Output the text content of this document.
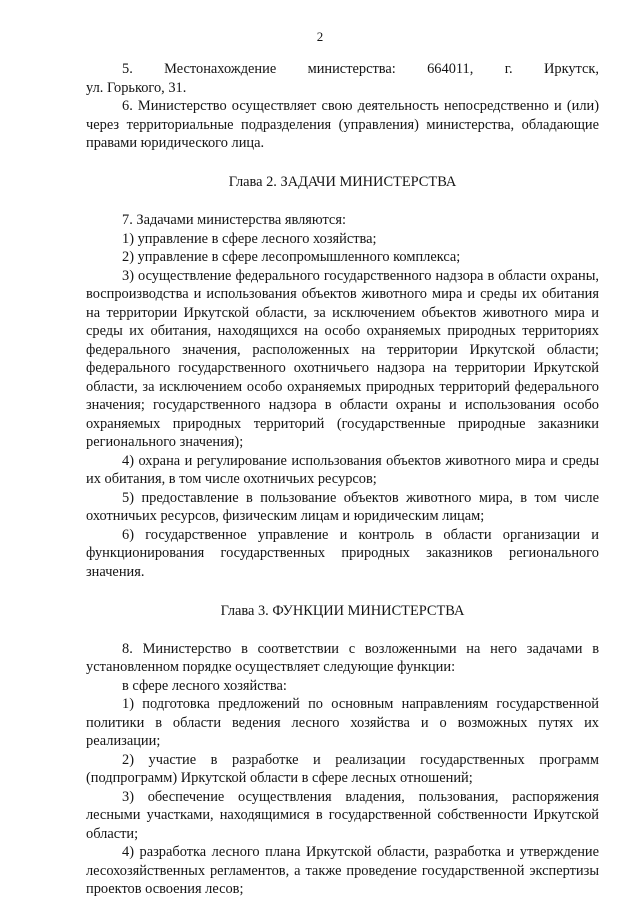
2

5.    Местонахождение    министерства:    664011,    г.    Иркутск,

ул. Горького, 31.

6. Министерство осуществляет свою деятельность непосредственно и (или) через территориальные подразделения (управления) министерства, обладающие правами юридического лица.

Глава 2. ЗАДАЧИ МИНИСТЕРСТВА

7. Задачами министерства являются:

1) управление в сфере лесного хозяйства;

2) управление в сфере лесопромышленного комплекса;

3) осуществление федерального государственного надзора в области охраны, воспроизводства и использования объектов животного мира и среды их обитания на территории Иркутской области, за исключением объектов животного мира и среды их обитания, находящихся на особо охраняемых природных территориях федерального значения, расположенных на территории Иркутской области; федерального государственного охотничьего надзора на территории Иркутской области, за исключением особо охраняемых природных территорий федерального значения; государственного надзора в области охраны и использования особо охраняемых природных территорий (государственные природные заказники регионального значения);

4) охрана и регулирование использования объектов животного мира и среды их обитания, в том числе охотничьих ресурсов;

5) предоставление в пользование объектов животного мира, в том числе охотничьих ресурсов, физическим лицам и юридическим лицам;

6) государственное управление и контроль в области организации и функционирования государственных природных заказников регионального значения.

Глава 3. ФУНКЦИИ МИНИСТЕРСТВА

8. Министерство в соответствии с возложенными на него задачами в установленном порядке осуществляет следующие функции:

в сфере лесного хозяйства:

1) подготовка предложений по основным направлениям государственной политики в области ведения лесного хозяйства и о возможных путях их реализации;

2) участие в разработке и реализации государственных программ (подпрограмм) Иркутской области в сфере лесных отношений;

3) обеспечение осуществления владения, пользования, распоряжения лесными участками, находящимися в государственной собственности Иркутской области;

4) разработка лесного плана Иркутской области, разработка и утверждение лесохозяйственных регламентов, а также проведение государственной экспертизы проектов освоения лесов;
